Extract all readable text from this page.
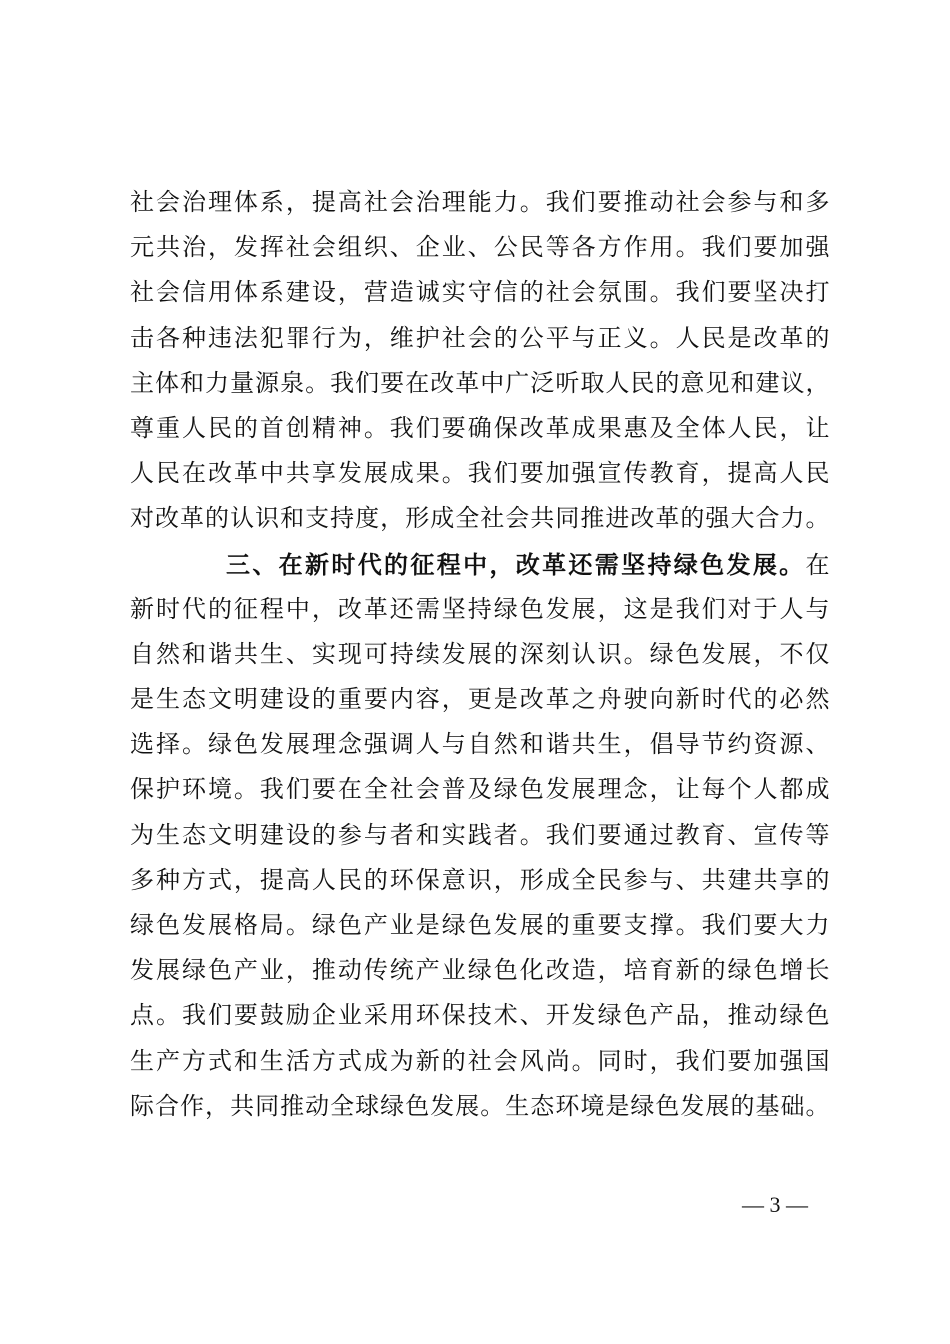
社会治理体系，提高社会治理能力。我们要推动社会参与和多
元共治，发挥社会组织、企业、公民等各方作用。我们要加强
社会信用体系建设，营造诚实守信的社会氛围。我们要坚决打
击各种违法犯罪行为，维护社会的公平与正义。人民是改革的
主体和力量源泉。我们要在改革中广泛听取人民的意见和建议，
尊重人民的首创精神。我们要确保改革成果惠及全体人民，让
人民在改革中共享发展成果。我们要加强宣传教育，提高人民
对改革的认识和支持度，形成全社会共同推进改革的强大合力。
三、在新时代的征程中，改革还需坚持绿色发展。在
新时代的征程中，改革还需坚持绿色发展，这是我们对于人与
自然和谐共生、实现可持续发展的深刻认识。绿色发展，不仅
是生态文明建设的重要内容，更是改革之舟驶向新时代的必然
选择。绿色发展理念强调人与自然和谐共生，倡导节约资源、
保护环境。我们要在全社会普及绿色发展理念，让每个人都成
为生态文明建设的参与者和实践者。我们要通过教育、宣传等
多种方式，提高人民的环保意识，形成全民参与、共建共享的
绿色发展格局。绿色产业是绿色发展的重要支撑。我们要大力
发展绿色产业，推动传统产业绿色化改造，培育新的绿色增长
点。我们要鼓励企业采用环保技术、开发绿色产品，推动绿色
生产方式和生活方式成为新的社会风尚。同时，我们要加强国
际合作，共同推动全球绿色发展。生态环境是绿色发展的基础。
— 3 —
